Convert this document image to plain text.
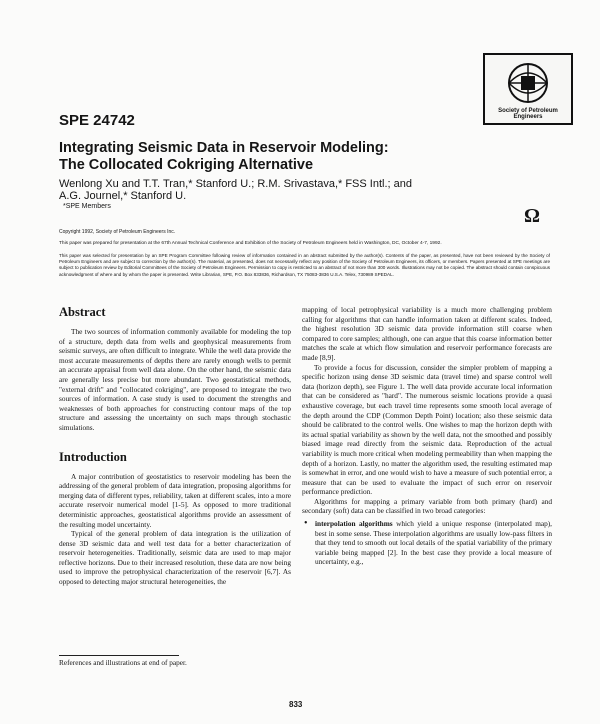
Society of Petroleum Engineers
SPE 24742
Integrating Seismic Data in Reservoir Modeling:
The Collocated Cokriging Alternative
Wenlong Xu and T.T. Tran,* Stanford U.; R.M. Srivastava,* FSS Intl.; and
A.G. Journel,* Stanford U.
*SPE Members	Ω
Copyright 1992, Society of Petroleum Engineers Inc.
This paper was prepared for presentation at the 67th Annual Technical Conference and Exhibition of the Society of Petroleum Engineers held in Washington, DC, October 4-7, 1992.

This paper was selected for presentation by an SPE Program Committee following review of information contained in an abstract submitted by the author(s). Contents of the paper, as presented, have not been reviewed by the Society of Petroleum Engineers and are subject to correction by the author(s). The material, as presented, does not necessarily reflect any position of the Society of Petroleum Engineers, its officers, or members. Papers presented at SPE meetings are subject to publication review by Editorial Committees of the Society of Petroleum Engineers. Permission to copy is restricted to an abstract of not more than 300 words. Illustrations may not be copied. The abstract should contain conspicuous acknowledgment of where and by whom the paper is presented. Write Librarian, SPE, P.O. Box 833836, Richardson, TX 75083-3836 U.S.A. Telex, 730989 SPEDAL.

Abstract

The two sources of information commonly available for modeling the top of a structure, depth data from wells and geophysical measurements from seismic surveys, are often difficult to integrate. While the well data provide the most accurate measurements of depths there are rarely enough wells to permit an accurate appraisal from well data alone. On the other hand, the seismic data are generally less precise but more abundant. Two geostatistical methods, "external drift" and "collocated cokriging", are proposed to integrate the two sources of information. A case study is used to document the strengths and weaknesses of both approaches for constructing contour maps of the top structure and assessing the uncertainty on such maps through stochastic simulations.

Introduction

A major contribution of geostatistics to reservoir modeling has been the addressing of the general problem of data integration, proposing algorithms for merging data of different types, reliability, taken at different scales, into a more accurate reservoir numerical model [1-5]. As opposed to more traditional deterministic approaches, geostatistical algorithms provide an assessment of the resulting model uncertainty.

Typical of the general problem of data integration is the utilization of dense 3D seismic data and well test data for a better characterization of reservoir heterogeneities. Traditionally, seismic data are used to map major reflective horizons. Due to their increased resolution, these data are now being used to improve the petrophysical characterization of the reservoir [6,7]. As opposed to detecting major structural heterogeneities, the

mapping of local petrophysical variability is a much more challenging problem calling for algorithms that can handle information taken at different scales. Indeed, the highest resolution 3D seismic data provide information still coarse when compared to core samples; although, one can argue that this coarse information better matches the scale at which flow simulation and reservoir performance forecasts are made [8,9].

To provide a focus for discussion, consider the simpler problem of mapping a specific horizon using dense 3D seismic data (travel time) and sparse control well data (horizon depth), see Figure 1. The well data provide accurate local information that can be considered as "hard". The numerous seismic locations provide a quasi exhaustive coverage, but each travel time represents some smooth local average of the depth around the CDP (Common Depth Point) location; also these seismic data should be calibrated to the control wells. One wishes to map the horizon depth with its actual spatial variability as shown by the well data, not the smoothed and possibly biased image read directly from the seismic data. Reproduction of the actual variability is much more critical when modeling permeability than when mapping the depth of a horizon. Lastly, no matter the algorithm used, the resulting estimated map is somewhat in error, and one would wish to have a measure of such potential error, a measure that can be used to evaluate the impact of such error on reservoir performance prediction.

Algorithms for mapping a primary variable from both primary (hard) and secondary (soft) data can be classified in two broad categories:

• interpolation algorithms which yield a unique response (interpolated map), best in some sense. These interpolation algorithms are usually low-pass filters in that they tend to smooth out local details of the spatial variability of the primary variable being mapped [2]. In the best case they provide a local measure of uncertainty, e.g.,
References and illustrations at end of paper.
833
